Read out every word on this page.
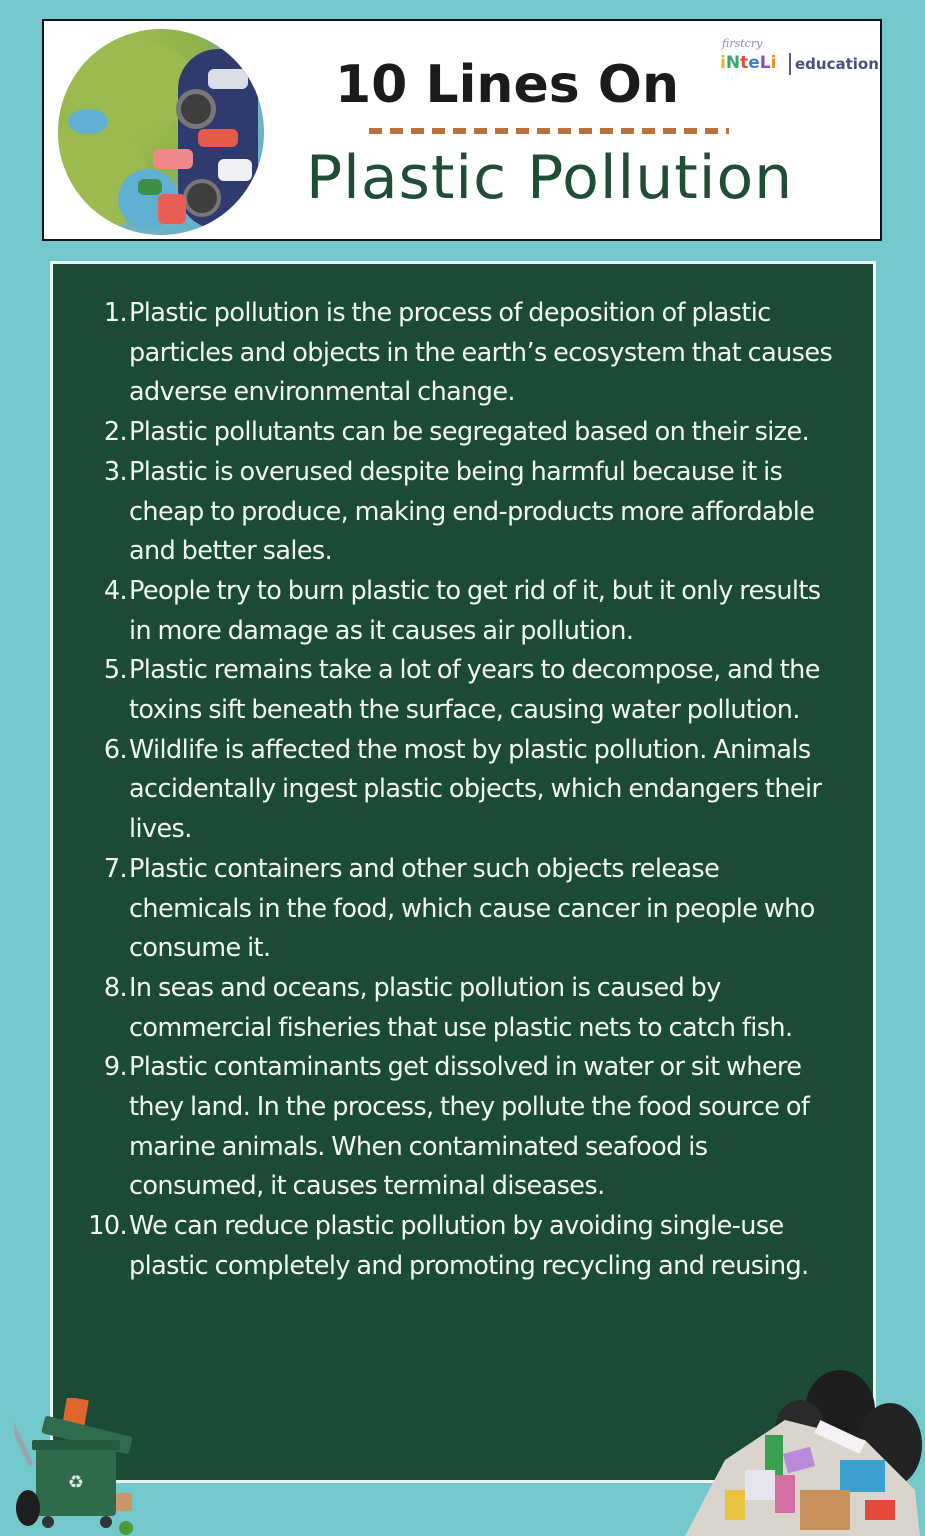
10 Lines On
Plastic Pollution
firstcry
iNteLi education
1. Plastic pollution is the process of deposition of plastic particles and objects in the earth’s ecosystem that causes adverse environmental change.
2. Plastic pollutants can be segregated based on their size.
3. Plastic is overused despite being harmful because it is cheap to produce, making end-products more affordable and better sales.
4. People try to burn plastic to get rid of it, but it only results in more damage as it causes air pollution.
5. Plastic remains take a lot of years to decompose, and the toxins sift beneath the surface, causing water pollution.
6. Wildlife is affected the most by plastic pollution. Animals accidentally ingest plastic objects, which endangers their lives.
7. Plastic containers and other such objects release chemicals in the food, which cause cancer in people who consume it.
8. In seas and oceans, plastic pollution is caused by commercial fisheries that use plastic nets to catch fish.
9. Plastic contaminants get dissolved in water or sit where they land. In the process, they pollute the food source of marine animals. When contaminated seafood is consumed, it causes terminal diseases.
10. We can reduce plastic pollution by avoiding single-use plastic completely and promoting recycling and reusing.
♻
